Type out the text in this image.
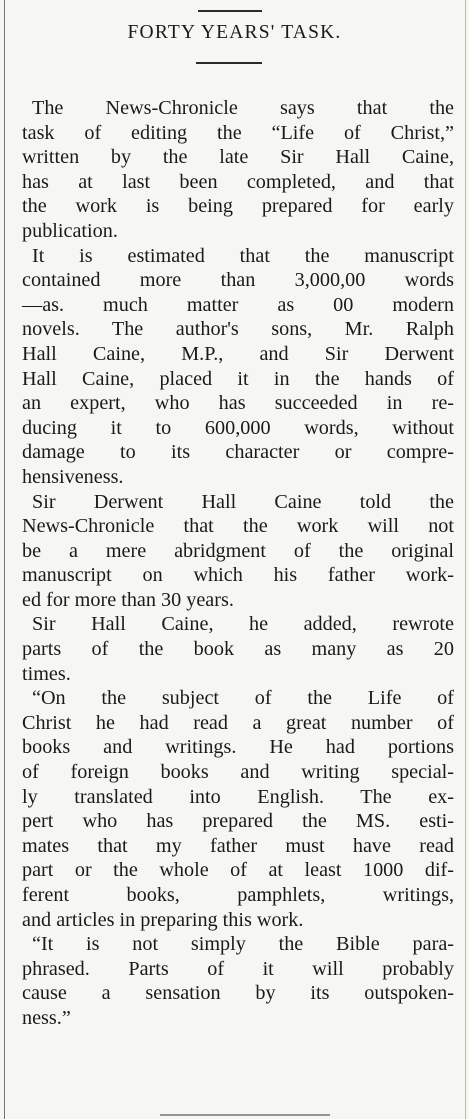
FORTY YEARS' TASK.
The News-Chronicle says that the
task of editing the “Life of Christ,”
written by the late Sir Hall Caine,
has at last been completed, and that
the work is being prepared for early
publication.
It is estimated that the manuscript
contained more than 3,000,00 words
—as. much matter as 00 modern
novels. The author's sons, Mr. Ralph
Hall Caine, M.P., and Sir Derwent
Hall Caine, placed it in the hands of
an expert, who has succeeded in re-
ducing it to 600,000 words, without
damage to its character or compre-
hensiveness.
Sir Derwent Hall Caine told the
News-Chronicle that the work will not
be a mere abridgment of the original
manuscript on which his father work-
ed for more than 30 years.
Sir Hall Caine, he added, rewrote
parts of the book as many as 20
times.
“On the subject of the Life of
Christ he had read a great number of
books and writings. He had portions
of foreign books and writing special-
ly translated into English. The ex-
pert who has prepared the MS. esti-
mates that my father must have read
part or the whole of at least 1000 dif-
ferent books, pamphlets, writings,
and articles in preparing this work.
“It is not simply the Bible para-
phrased. Parts of it will probably
cause a sensation by its outspoken-
ness.”
